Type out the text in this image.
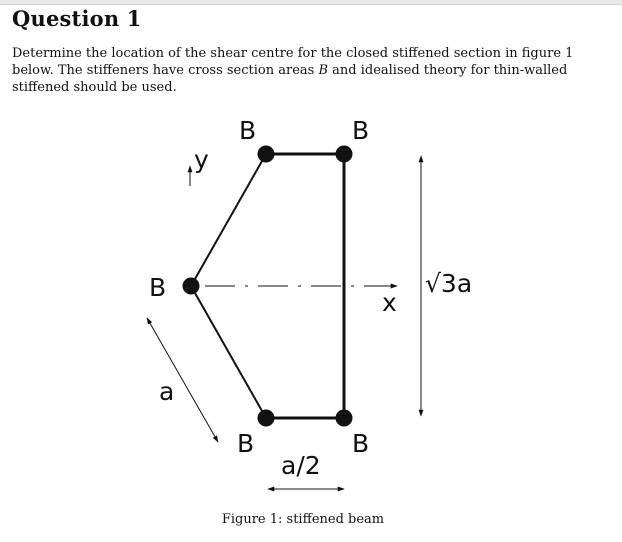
Question 1

Determine the location of the shear centre for the closed stiffened section in figure 1 below. The stiffeners have cross section areas B and idealised theory for thin-walled stiffened should be used.

B	B
B
B	B
y
x
a
a/2
√3a

Figure 1: stiffened beam
